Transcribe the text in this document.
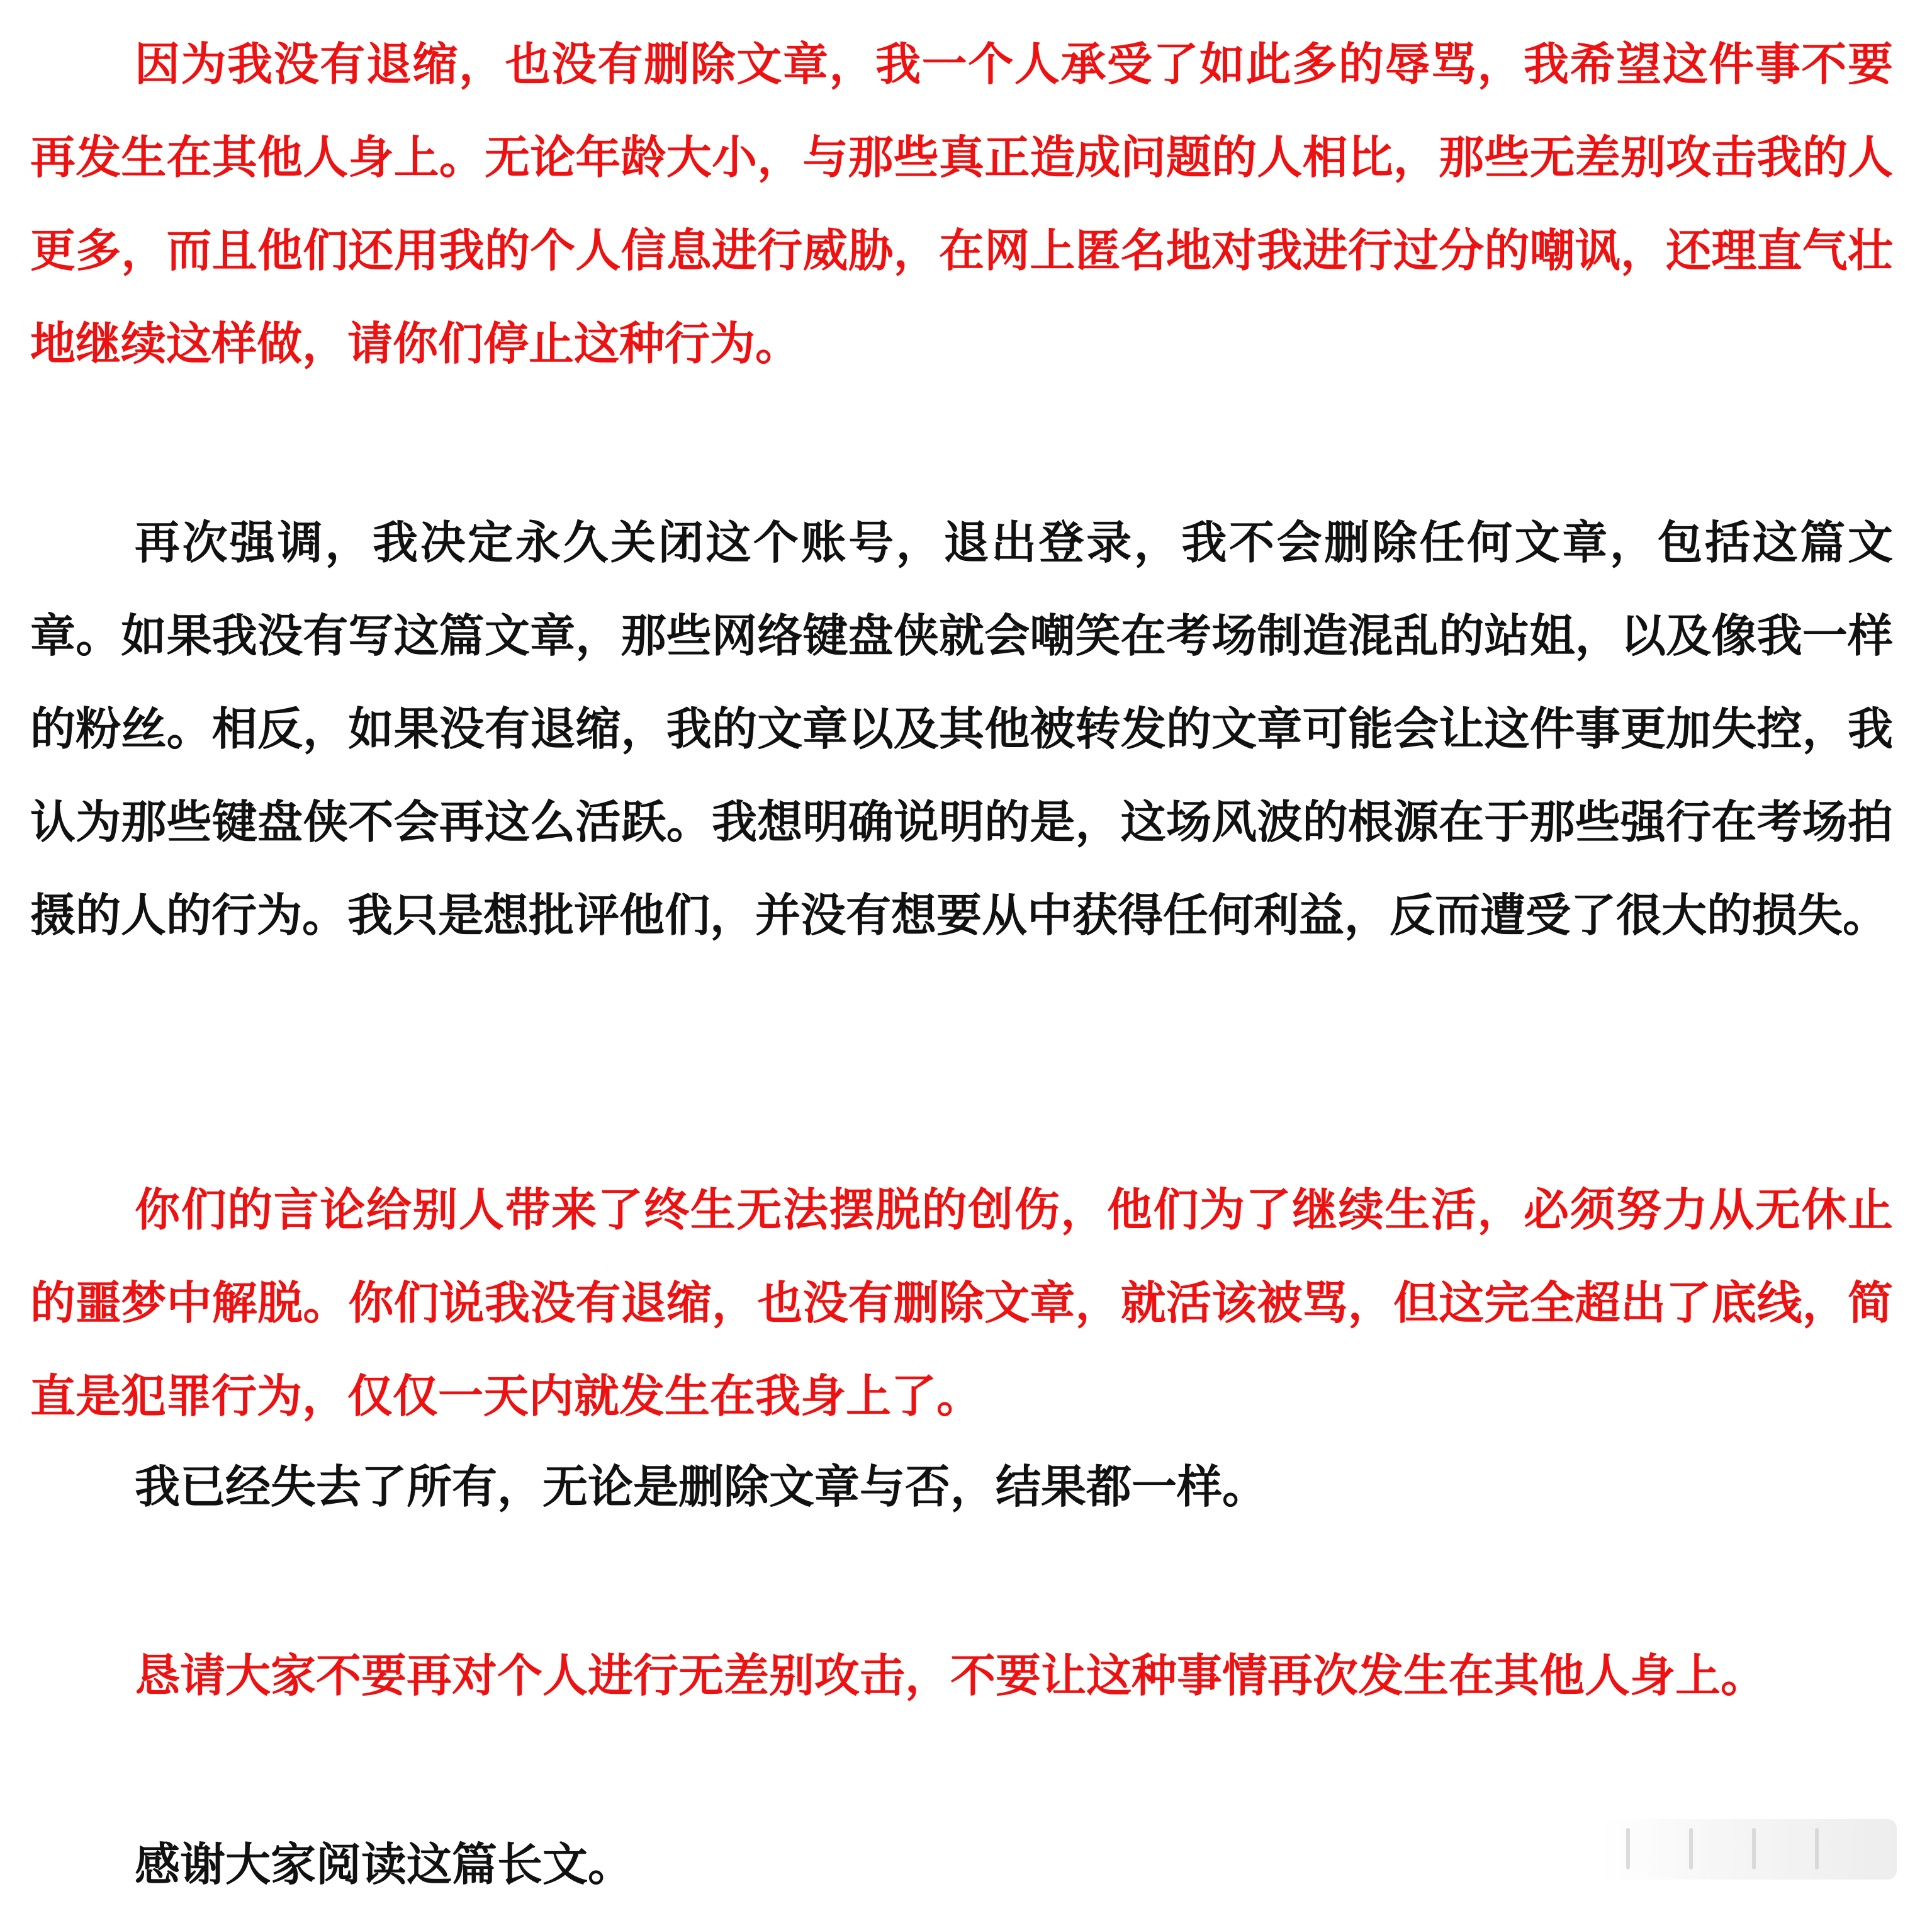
因为我没有退缩，也没有删除文章，我一个人承受了如此多的辱骂，我希望这件事不要再发生在其他人身上。无论年龄大小，与那些真正造成问题的人相比，那些无差别攻击我的人更多，而且他们还用我的个人信息进行威胁，在网上匿名地对我进行过分的嘲讽，还理直气壮地继续这样做，请你们停止这种行为。

再次强调，我决定永久关闭这个账号，退出登录，我不会删除任何文章，包括这篇文章。如果我没有写这篇文章，那些网络键盘侠就会嘲笑在考场制造混乱的站姐，以及像我一样的粉丝。相反，如果没有退缩，我的文章以及其他被转发的文章可能会让这件事更加失控，我认为那些键盘侠不会再这么活跃。我想明确说明的是，这场风波的根源在于那些强行在考场拍摄的人的行为。我只是想批评他们，并没有想要从中获得任何利益，反而遭受了很大的损失。

你们的言论给别人带来了终生无法摆脱的创伤，他们为了继续生活，必须努力从无休止的噩梦中解脱。你们说我没有退缩，也没有删除文章，就活该被骂，但这完全超出了底线，简直是犯罪行为，仅仅一天内就发生在我身上了。

我已经失去了所有，无论是删除文章与否，结果都一样。

恳请大家不要再对个人进行无差别攻击，不要让这种事情再次发生在其他人身上。

感谢大家阅读这篇长文。
